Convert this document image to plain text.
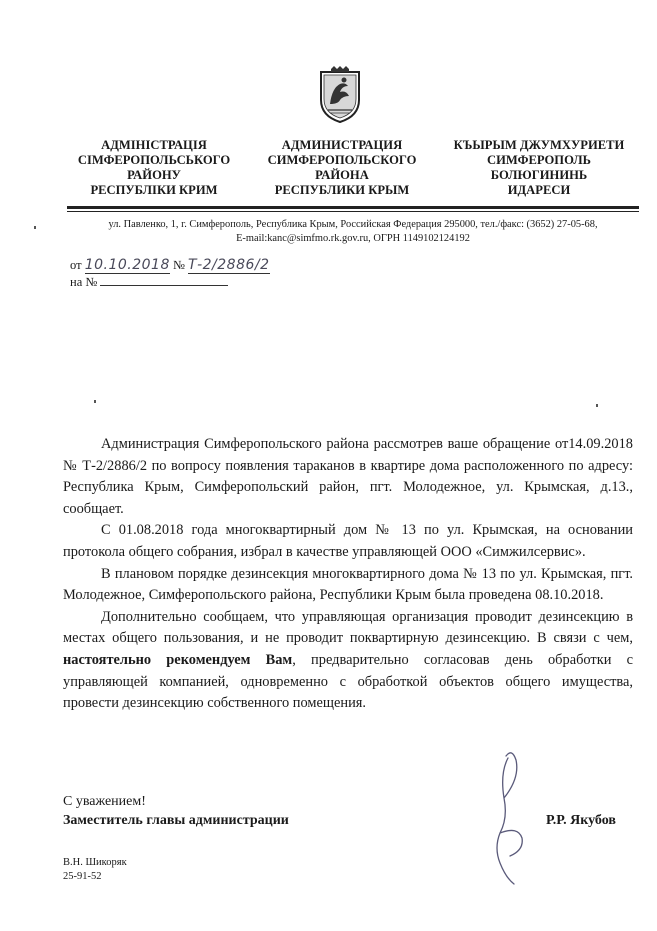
АДМІНІСТРАЦІЯ
СІМФЕРОПОЛЬСЬКОГО
РАЙОНУ
РЕСПУБЛІКИ КРИМ
АДМИНИСТРАЦИЯ
СИМФЕРОПОЛЬСКОГО
РАЙОНА
РЕСПУБЛИКИ КРЫМ
КЪЫРЫМ ДЖУМХУРИЕТИ
СИМФЕРОПОЛЬ
БОЛЮГИНИНЬ
ИДАРЕСИ
ул. Павленко, 1, г. Симферополь, Республика Крым, Российская Федерация 295000, тел./факс: (3652) 27-05-68,
E-mail:kanc@simfmo.rk.gov.ru, ОГРН 1149102124192
от 10.10.2018 № Т-2/2886/2
на №

Администрация Симферопольского района рассмотрев ваше обращение от14.09.2018 № Т-2/2886/2 по вопросу появления тараканов в квартире дома расположенного по адресу: Республика Крым, Симферопольский район, пгт. Молодежное, ул. Крымская, д.13., сообщает.

С 01.08.2018 года многоквартирный дом № 13 по ул. Крымская, на основании протокола общего собрания, избрал в качестве управляющей ООО «Симжилсервис».

В плановом порядке дезинсекция многоквартирного дома № 13 по ул. Крымская, пгт. Молодежное, Симферопольского района, Республики Крым была проведена 08.10.2018.

Дополнительно сообщаем, что управляющая организация проводит дезинсекцию в местах общего пользования, и не проводит поквартирную дезинсекцию. В связи с чем, настоятельно рекомендуем Вам, предварительно согласовав день обработки с управляющей компанией, одновременно с обработкой объектов общего имущества, провести дезинсекцию собственного помещения.

С уважением!
Заместитель главы администрации	Р.Р. Якубов
В.Н. Шикоряк
25-91-52
